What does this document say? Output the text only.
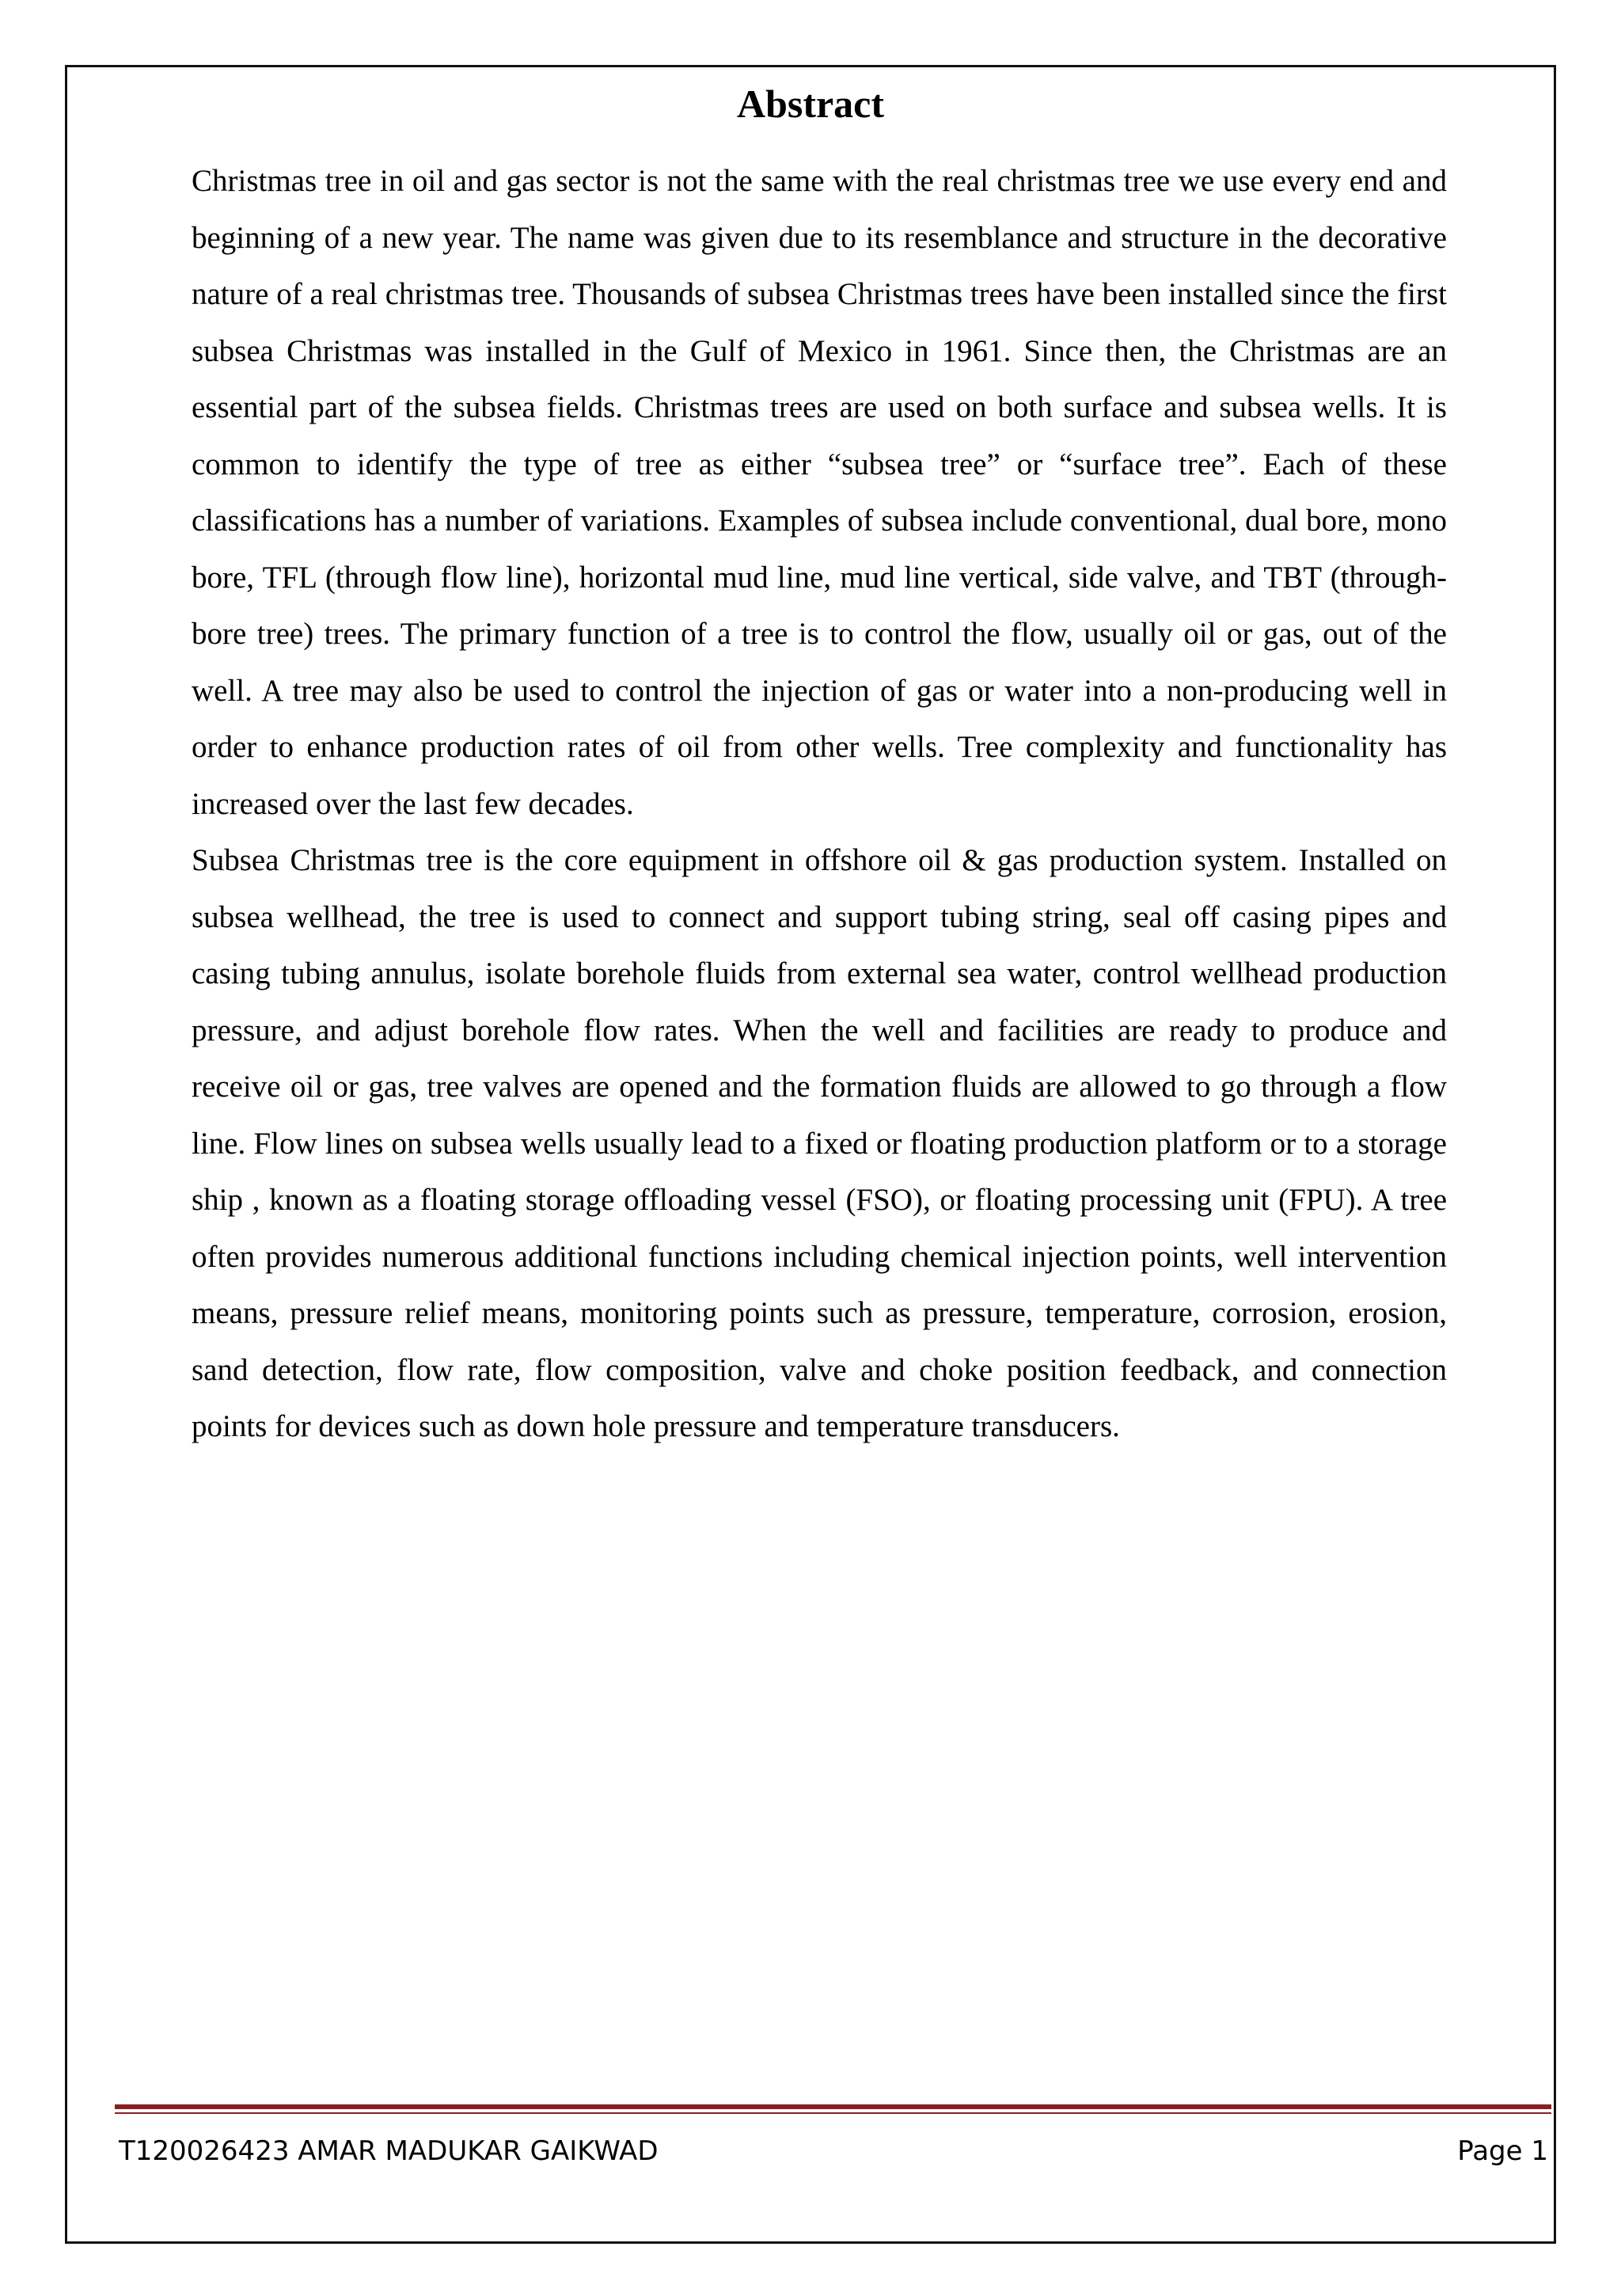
Abstract

Christmas tree in oil and gas sector is not the same with the real christmas tree we use every end and beginning of a new year. The name was given due to its resemblance and structure in the decorative nature of a real christmas tree. Thousands of subsea Christmas trees have been installed since the first subsea Christmas was installed in the Gulf of Mexico in 1961. Since then, the Christmas are an essential part of the subsea fields. Christmas trees are used on both surface and subsea wells. It is common to identify the type of tree as either “subsea tree” or “surface tree”. Each of these classifications has a number of variations. Examples of subsea include conventional, dual bore, mono bore, TFL (through flow line), horizontal mud line, mud line vertical, side valve, and TBT (through-bore tree) trees. The primary function of a tree is to control the flow, usually oil or gas, out of the well. A tree may also be used to control the injection of gas or water into a non-producing well in order to enhance production rates of oil from other wells. Tree complexity and functionality has increased over the last few decades.

Subsea Christmas tree is the core equipment in offshore oil & gas production system. Installed on subsea wellhead, the tree is used to connect and support tubing string, seal off casing pipes and casing tubing annulus, isolate borehole fluids from external sea water, control wellhead production pressure, and adjust borehole flow rates. When the well and facilities are ready to produce and receive oil or gas, tree valves are opened and the formation fluids are allowed to go through a flow line. Flow lines on subsea wells usually lead to a fixed or floating production platform or to a storage ship , known as a floating storage offloading vessel (FSO), or floating processing unit (FPU). A tree often provides numerous additional functions including chemical injection points, well intervention means, pressure relief means, monitoring points such as pressure, temperature, corrosion, erosion, sand detection, flow rate, flow composition, valve and choke position feedback, and connection points for devices such as down hole pressure and temperature transducers.

T120026423 AMAR MADUKAR GAIKWAD	Page 1
